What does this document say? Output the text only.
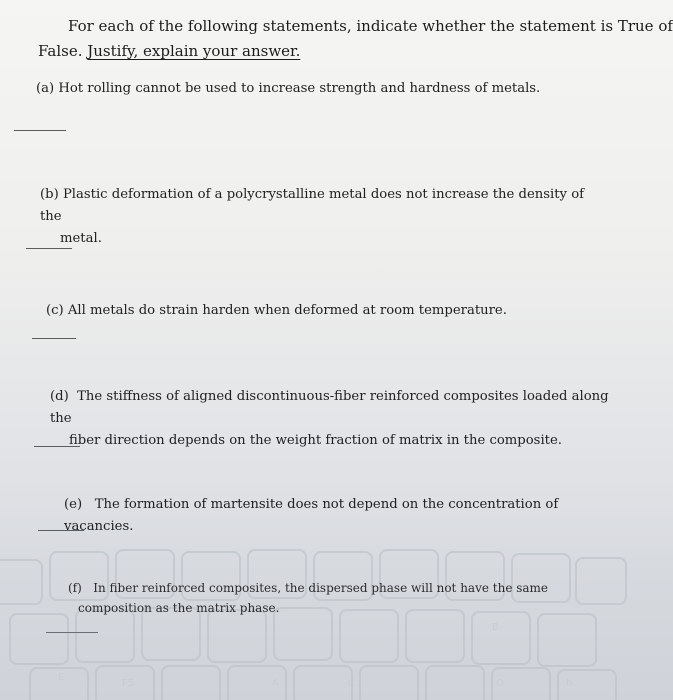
E
F5	C
A
B
O	b

For each of the following statements, indicate whether the statement is True of

False. Justify, explain your answer.

(a) Hot rolling cannot be used to increase strength and hardness of metals.

(b) Plastic deformation of a polycrystalline metal does not increase the density of the
metal.

(c) All metals do strain harden when deformed at room temperature.

(d) The stiffness of aligned discontinuous-fiber reinforced composites loaded along the
fiber direction depends on the weight fraction of matrix in the composite.

(e) The formation of martensite does not depend on the concentration of vacancies.

(f) In fiber reinforced composites, the dispersed phase will not have the same
composition as the matrix phase.
